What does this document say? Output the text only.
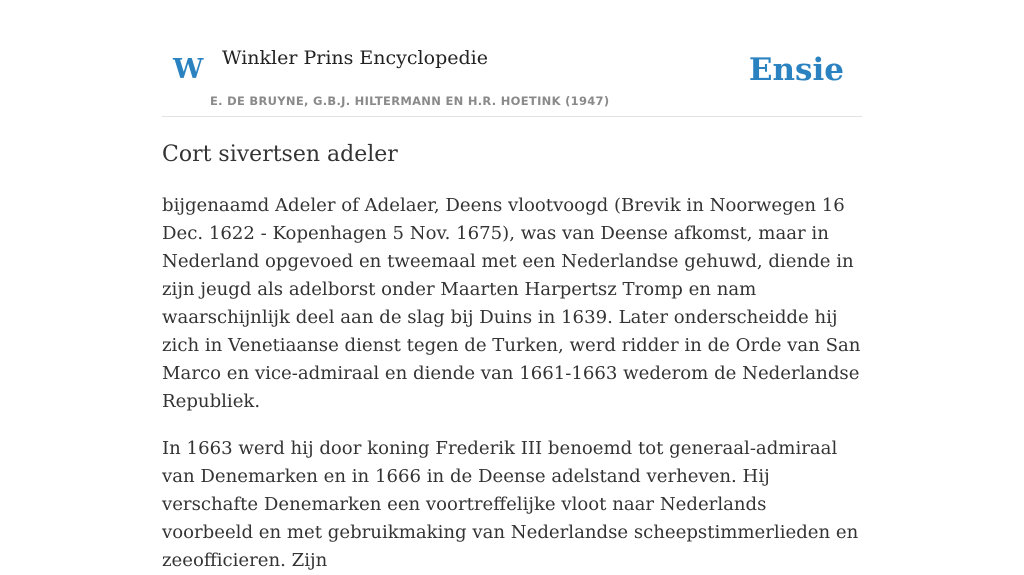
W Winkler Prins Encyclopedie
E. DE BRUYNE, G.B.J. HILTERMANN EN H.R. HOETINK (1947)
Ensie
Cort sivertsen adeler

bijgenaamd Adeler of Adelaer, Deens vlootvoogd (Brevik in Noorwegen 16 Dec. 1622 - Kopenhagen 5 Nov. 1675), was van Deense afkomst, maar in Nederland opgevoed en tweemaal met een Nederlandse gehuwd, diende in zijn jeugd als adelborst onder Maarten Harpertsz Tromp en nam waarschijnlijk deel aan de slag bij Duins in 1639. Later onderscheidde hij zich in Venetiaanse dienst tegen de Turken, werd ridder in de Orde van San Marco en vice-admiraal en diende van 1661-1663 wederom de Nederlandse Republiek.

In 1663 werd hij door koning Frederik III benoemd tot generaal-admiraal van Denemarken en in 1666 in de Deense adelstand verheven. Hij verschafte Denemarken een voortreffelijke vloot naar Nederlands voorbeeld en met gebruikmaking van Nederlandse scheepstimmerlieden en zeeofficieren. Zijn
